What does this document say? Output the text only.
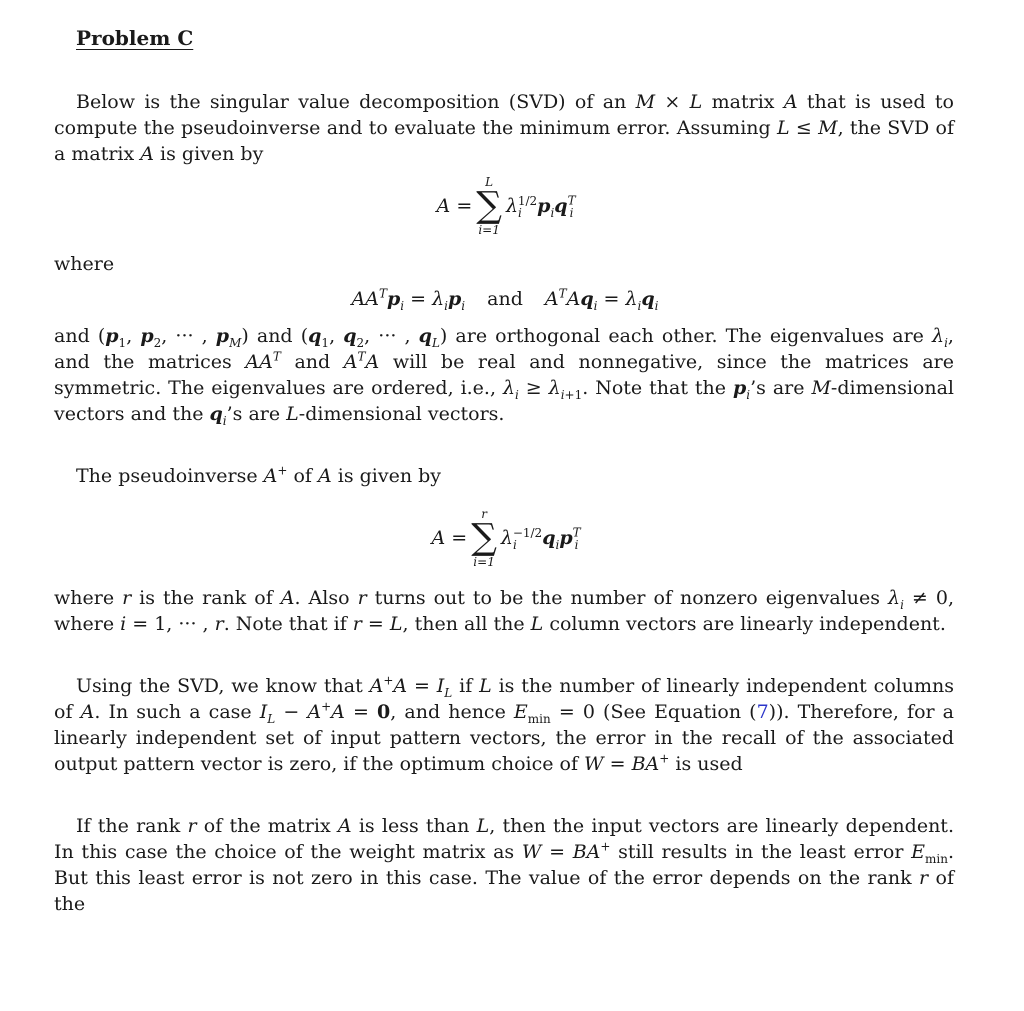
Problem C
Below is the singular value decomposition (SVD) of an M × L matrix A that is used to compute the pseudoinverse and to evaluate the minimum error. Assuming L ≤ M, the SVD of a matrix A is given by
A =
L
∑
i=1
$\lambda_i^{1/2}p_iq^T_i$
where
$AA^Tp_i = \lambda_ip_i$ and $A^TAq_i = \lambda_iq_i$
and ($p_1$, $p_2$, ··· , $p_M$) and ($q_1$, $q_2$, ··· , $q_L$) are orthogonal each other. The eigenvalues are $\lambda_i$, and the matrices $AA^T$ and $A^TA$ will be real and nonnegative, since the matrices are symmetric. The eigenvalues are ordered, i.e., $\lambda_i \ge \lambda_{i+1}$. Note that the $p_i’s$ are M-dimensional vectors and the $q_i’s$ are L-dimensional vectors.
The pseudoinverse A+ of A is given by
A =
r
∑
i=1
$\lambda_i^{-1/2}q_ip^T_i$
where r is the rank of A. Also r turns out to be the number of nonzero eigenvalues $\lambda_i \ne 0$, where i = 1, ··· , r. Note that if r = L, then all the L column vectors are linearly independent.
Using the SVD, we know that $A^+A = I_L$ if L is the number of linearly independent columns of A. In such a case $I_L - A^+A = 0$, and hence $E_{min} = 0$ (See Equation (7)). Therefore, for a linearly independent set of input pattern vectors, the error in the recall of the associated output pattern vector is zero, if the optimum choice of W = BA+ is used
If the rank r of the matrix A is less than L, then the input vectors are linearly dependent. In this case the choice of the weight matrix as W = BA+ still results in the least error $E_{min}$. But this least error is not zero in this case. The value of the error depends on the rank r of the
